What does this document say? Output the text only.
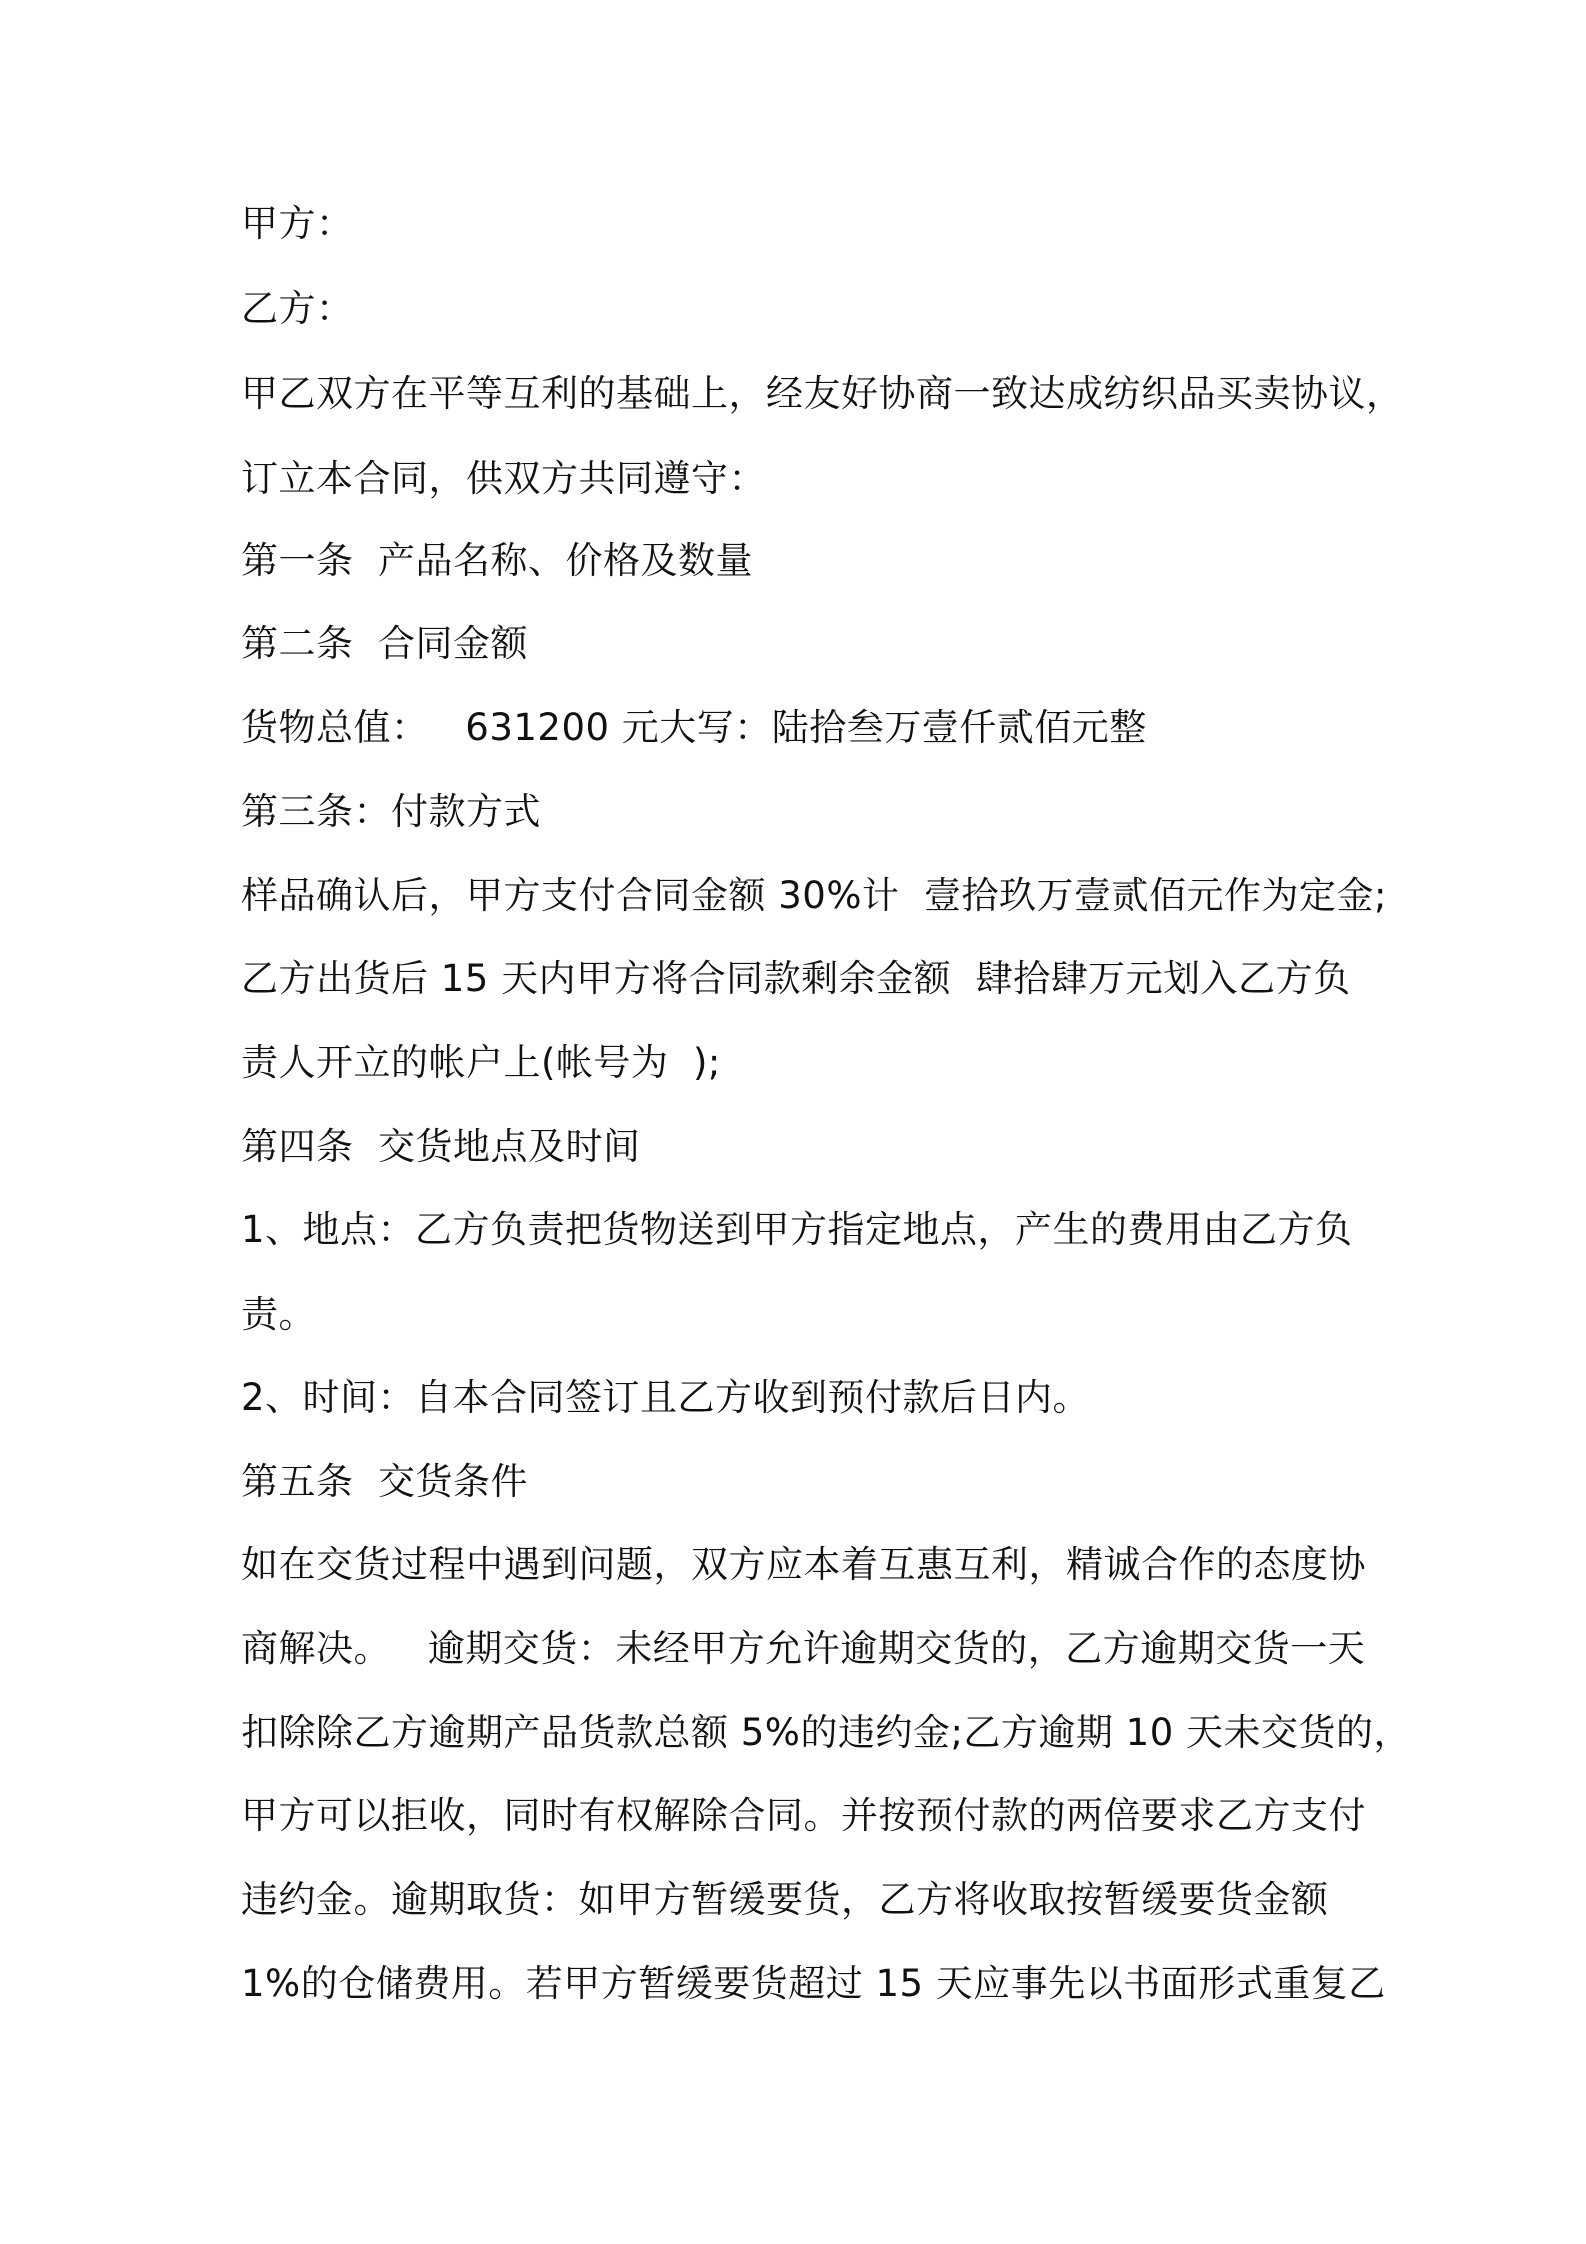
甲方：
乙方：
甲乙双方在平等互利的基础上，经友好协商一致达成纺织品买卖协议，
订立本合同，供双方共同遵守：
第一条  产品名称、价格及数量
第二条  合同金额
货物总值：   631200 元大写：陆拾叁万壹仟贰佰元整
第三条：付款方式
样品确认后，甲方支付合同金额 30%计  壹拾玖万壹贰佰元作为定金;
乙方出货后 15 天内甲方将合同款剩余金额  肆拾肆万元划入乙方负
责人开立的帐户上(帐号为  );
第四条  交货地点及时间
1、地点：乙方负责把货物送到甲方指定地点，产生的费用由乙方负
责。
2、时间：自本合同签订且乙方收到预付款后日内。
第五条  交货条件
如在交货过程中遇到问题，双方应本着互惠互利，精诚合作的态度协
商解决。   逾期交货：未经甲方允许逾期交货的，乙方逾期交货一天
扣除除乙方逾期产品货款总额 5%的违约金;乙方逾期 10 天未交货的，
甲方可以拒收，同时有权解除合同。并按预付款的两倍要求乙方支付
违约金。逾期取货：如甲方暂缓要货，乙方将收取按暂缓要货金额
1%的仓储费用。若甲方暂缓要货超过 15 天应事先以书面形式重复乙
